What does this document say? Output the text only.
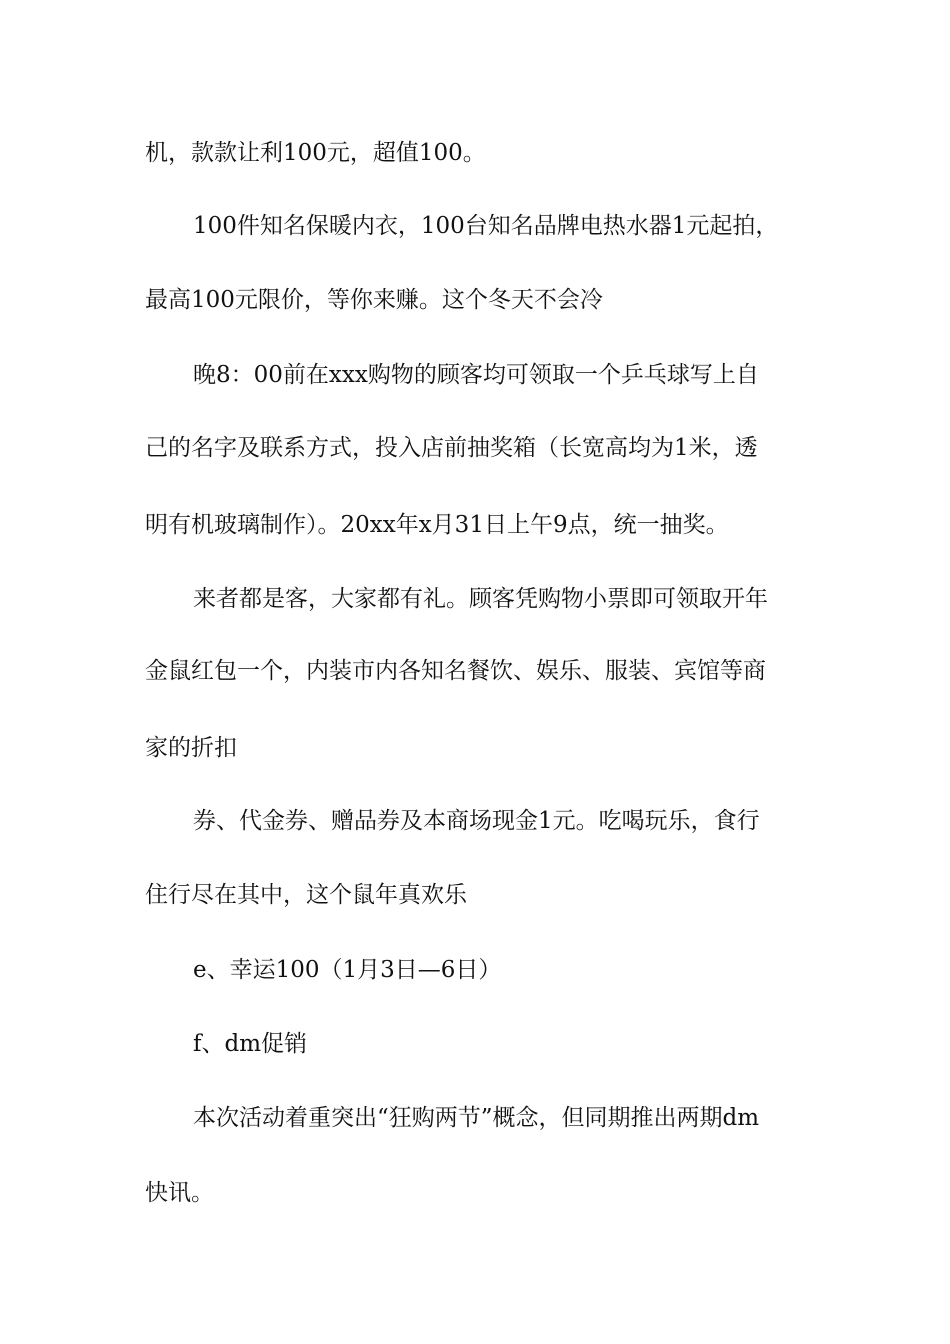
机，款款让利100元，超值100。
100件知名保暖内衣，100台知名品牌电热水器1元起拍，
最高100元限价，等你来赚。这个冬天不会冷
晚8：00前在xxx购物的顾客均可领取一个乒乓球写上自
己的名字及联系方式，投入店前抽奖箱（长宽高均为1米，透
明有机玻璃制作）。20xx年x月31日上午9点，统一抽奖。
来者都是客，大家都有礼。顾客凭购物小票即可领取开年
金鼠红包一个，内装市内各知名餐饮、娱乐、服装、宾馆等商
家的折扣
券、代金券、赠品券及本商场现金1元。吃喝玩乐，食行
住行尽在其中，这个鼠年真欢乐
e、幸运100（1月3日—6日）
f、dm促销
本次活动着重突出“狂购两节”概念，但同期推出两期dm
快讯。
